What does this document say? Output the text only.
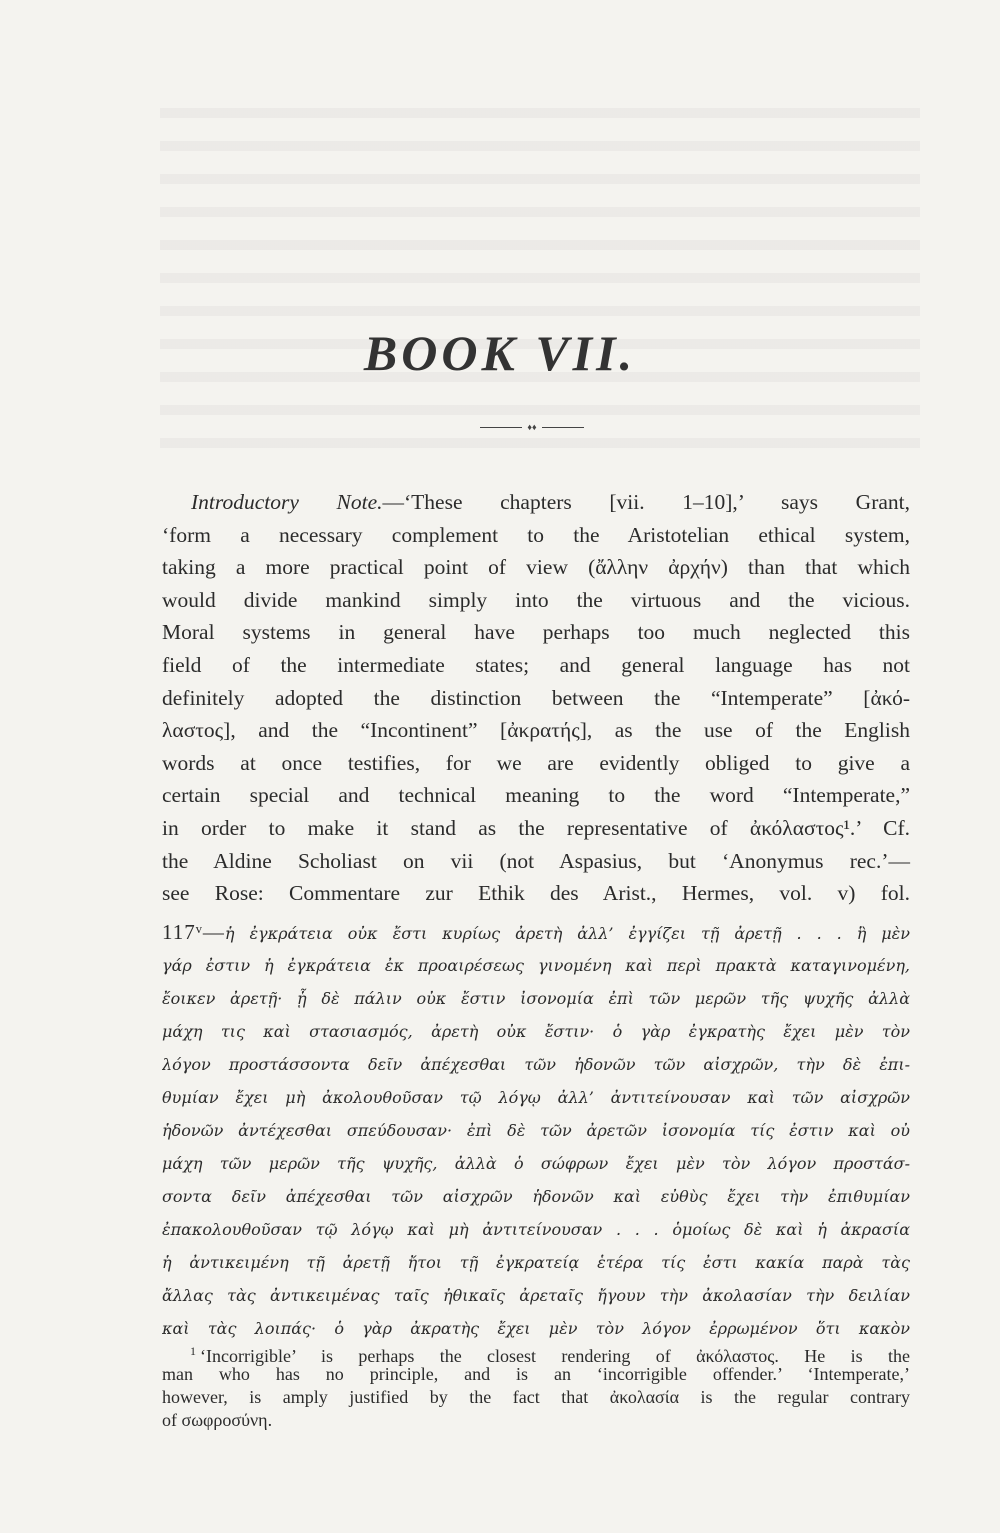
BOOK VII.
♦♦
Introductory Note.—‘These chapters [vii. 1–10],’ says Grant,
‘form a necessary complement to the Aristotelian ethical system,
taking a more practical point of view (ἄλλην ἀρχήν) than that which
would divide mankind simply into the virtuous and the vicious.
Moral systems in general have perhaps too much neglected this
field of the intermediate states; and general language has not
definitely adopted the distinction between the “Intemperate” [ἀκό-
λαστος], and the “Incontinent” [ἀκρατής], as the use of the English
words at once testifies, for we are evidently obliged to give a
certain special and technical meaning to the word “Intemperate,”
in order to make it stand as the representative of ἀκόλαστος¹.’ Cf.
the Aldine Scholiast on vii (not Aspasius, but ‘Anonymus rec.’—
see Rose: Commentare zur Ethik des Arist., Hermes, vol. v) fol.
117ᵛ—ἡ ἐγκράτεια οὐκ ἔστι κυρίως ἀρετὴ ἀλλ’ ἐγγίζει τῇ ἀρετῇ . . . ἣ μὲν
γάρ ἐστιν ἡ ἐγκράτεια ἐκ προαιρέσεως γινομένη καὶ περὶ πρακτὰ καταγινομένη,
ἔοικεν ἀρετῇ· ᾗ δὲ πάλιν οὐκ ἔστιν ἰσονομία ἐπὶ τῶν μερῶν τῆς ψυχῆς ἀλλὰ
μάχη τις καὶ στασιασμός, ἀρετὴ οὐκ ἔστιν· ὁ γὰρ ἐγκρατὴς ἔχει μὲν τὸν
λόγον προστάσσοντα δεῖν ἀπέχεσθαι τῶν ἡδονῶν τῶν αἰσχρῶν, τὴν δὲ ἐπι-
θυμίαν ἔχει μὴ ἀκολουθοῦσαν τῷ λόγῳ ἀλλ’ ἀντιτείνουσαν καὶ τῶν αἰσχρῶν
ἡδονῶν ἀντέχεσθαι σπεύδουσαν· ἐπὶ δὲ τῶν ἀρετῶν ἰσονομία τίς ἐστιν καὶ οὐ
μάχη τῶν μερῶν τῆς ψυχῆς, ἀλλὰ ὁ σώφρων ἔχει μὲν τὸν λόγον προστάσ-
σοντα δεῖν ἀπέχεσθαι τῶν αἰσχρῶν ἡδονῶν καὶ εὐθὺς ἔχει τὴν ἐπιθυμίαν
ἐπακολουθοῦσαν τῷ λόγῳ καὶ μὴ ἀντιτείνουσαν . . . ὁμοίως δὲ καὶ ἡ ἀκρασία
ἡ ἀντικειμένη τῇ ἀρετῇ ἤτοι τῇ ἐγκρατείᾳ ἑτέρα τίς ἐστι κακία παρὰ τὰς
ἄλλας τὰς ἀντικειμένας ταῖς ἠθικαῖς ἀρεταῖς ἤγουν τὴν ἀκολασίαν τὴν δειλίαν
καὶ τὰς λοιπάς· ὁ γὰρ ἀκρατὴς ἔχει μὲν τὸν λόγον ἐρρωμένον ὅτι κακὸν
$^1$ ‘Incorrigible’ is perhaps the closest rendering of ἀκόλαστος. He is the
man who has no principle, and is an ‘incorrigible offender.’ ‘Intemperate,’
however, is amply justified by the fact that ἀκολασία is the regular contrary
of σωφροσύνη.
